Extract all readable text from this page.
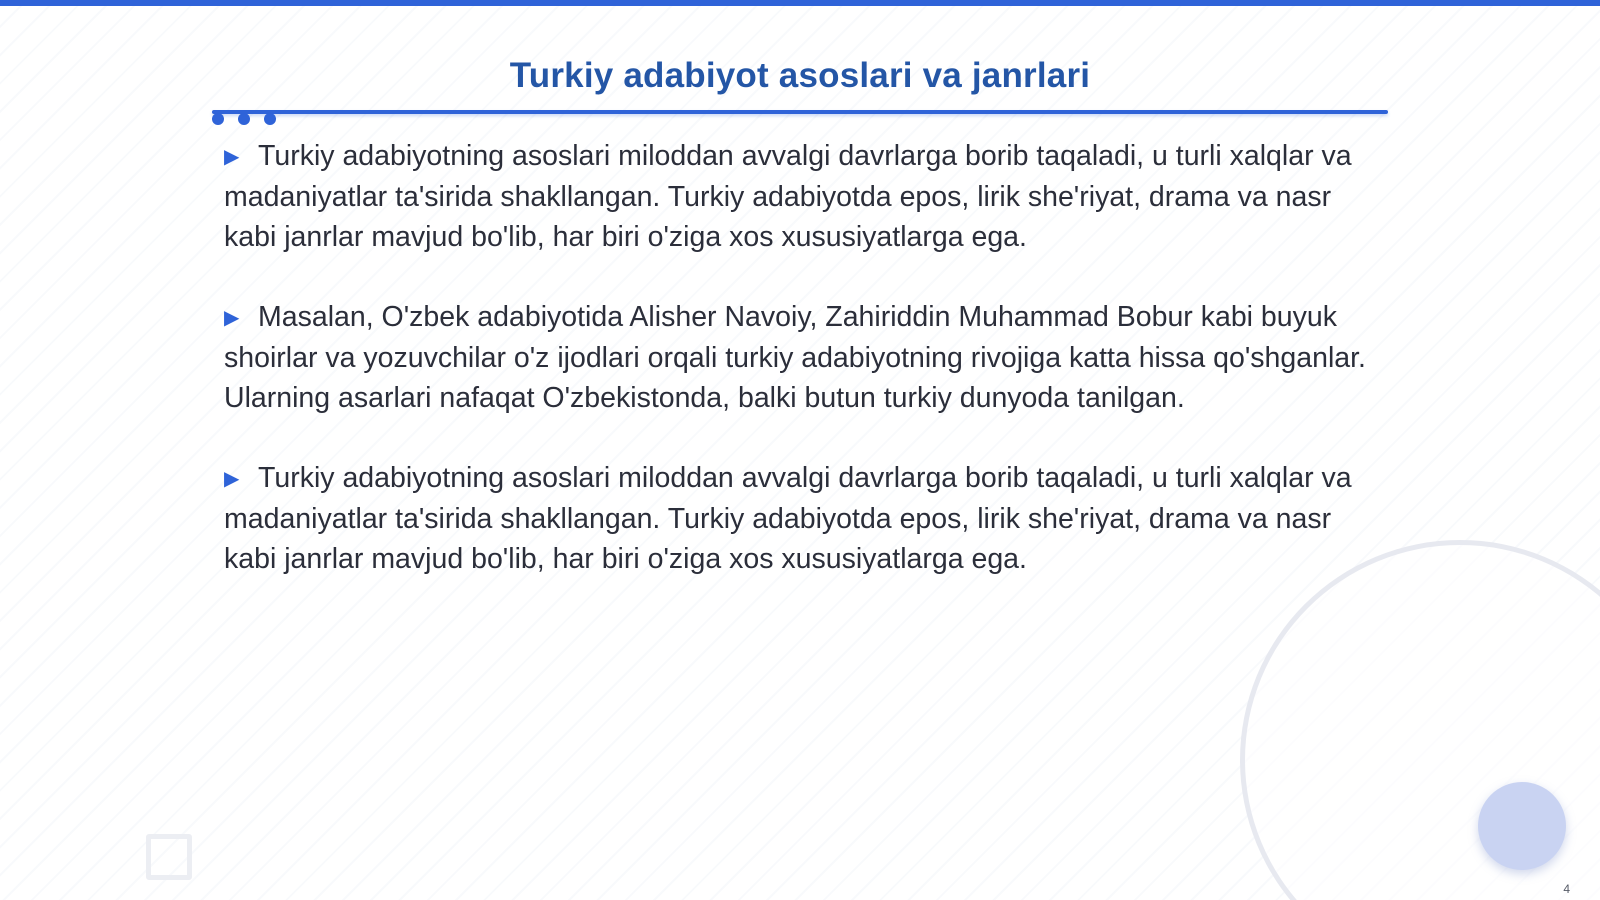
Turkiy adabiyot asoslari va janrlari

▶ Turkiy adabiyotning asoslari miloddan avvalgi davrlarga borib taqaladi, u turli xalqlar va madaniyatlar ta'sirida shakllangan. Turkiy adabiyotda epos, lirik she'riyat, drama va nasr kabi janrlar mavjud bo'lib, har biri o'ziga xos xususiyatlarga ega.

▶ Masalan, O'zbek adabiyotida Alisher Navoiy, Zahiriddin Muhammad Bobur kabi buyuk shoirlar va yozuvchilar o'z ijodlari orqali turkiy adabiyotning rivojiga katta hissa qo'shganlar. Ularning asarlari nafaqat O'zbekistonda, balki butun turkiy dunyoda tanilgan.

▶ Turkiy adabiyotning asoslari miloddan avvalgi davrlarga borib taqaladi, u turli xalqlar va madaniyatlar ta'sirida shakllangan. Turkiy adabiyotda epos, lirik she'riyat, drama va nasr kabi janrlar mavjud bo'lib, har biri o'ziga xos xususiyatlarga ega.

4
